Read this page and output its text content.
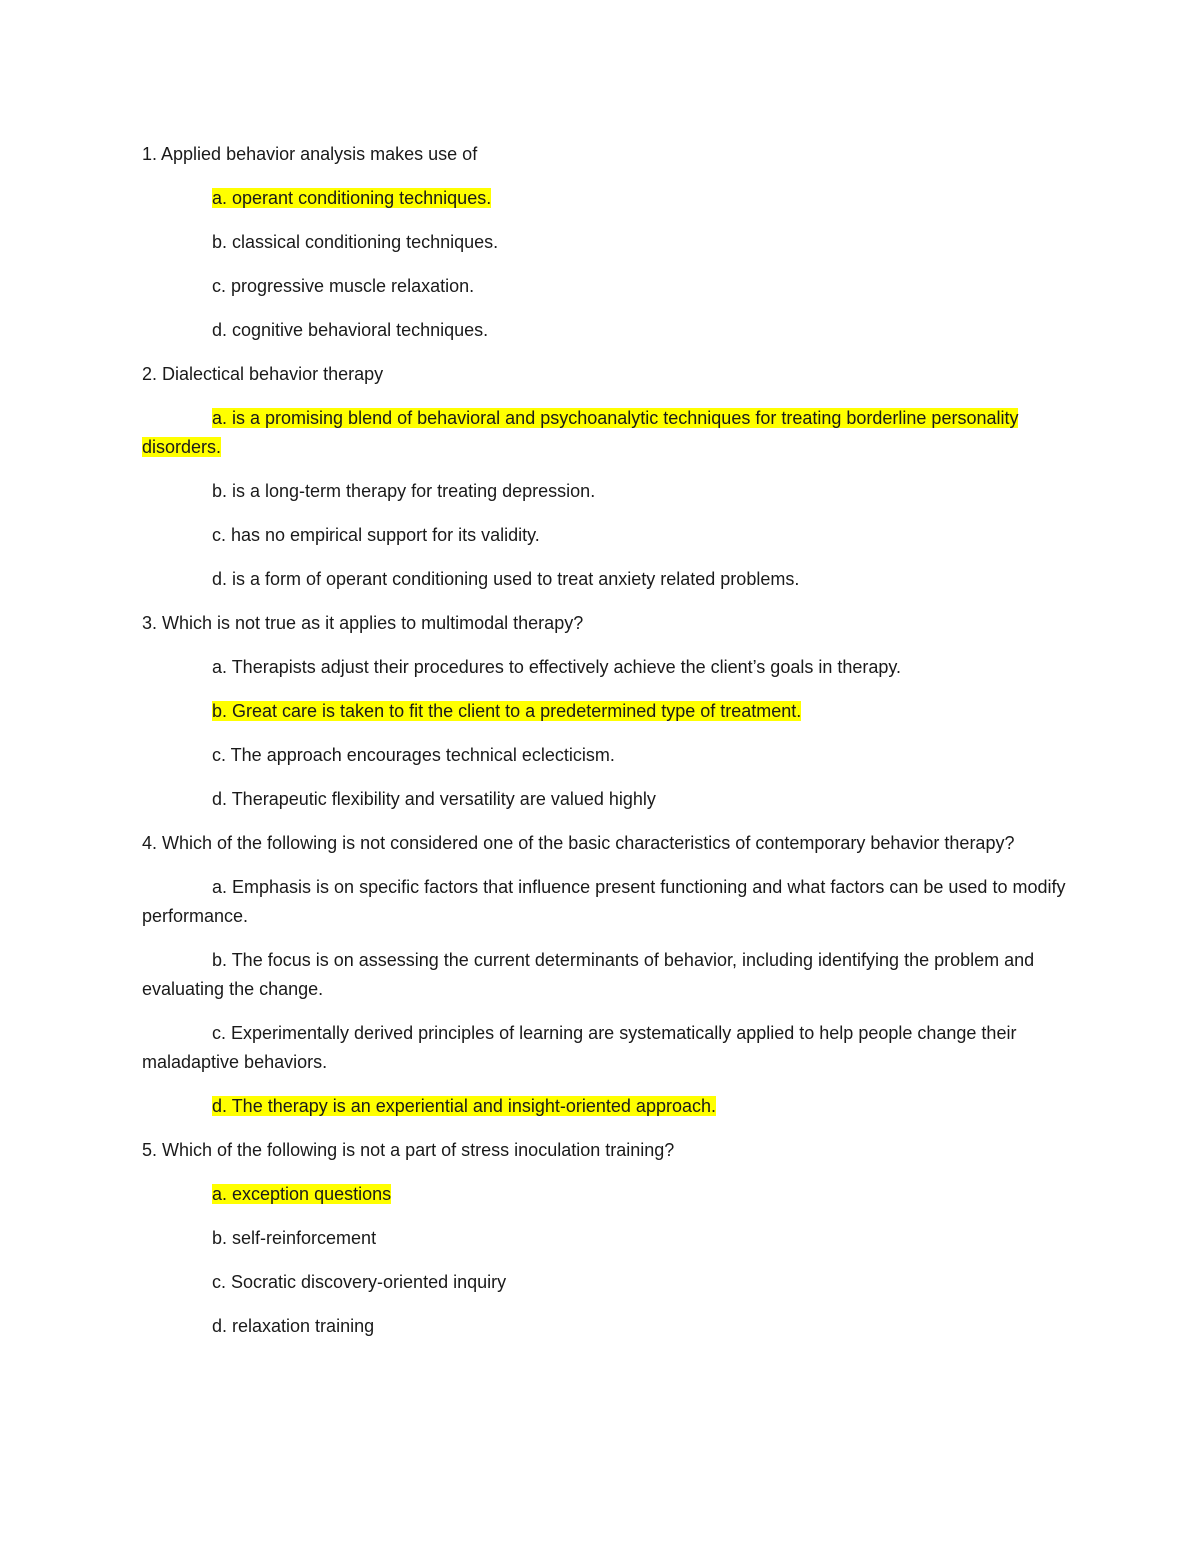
1. Applied behavior analysis makes use of

a. operant conditioning techniques.

b. classical conditioning techniques.

c. progressive muscle relaxation.

d. cognitive behavioral techniques.

2. Dialectical behavior therapy

a. is a promising blend of behavioral and psychoanalytic techniques for treating borderline personality disorders.

b. is a long-term therapy for treating depression.

c. has no empirical support for its validity.

d. is a form of operant conditioning used to treat anxiety related problems.

3. Which is not true as it applies to multimodal therapy?

a. Therapists adjust their procedures to effectively achieve the client’s goals in therapy.

b. Great care is taken to fit the client to a predetermined type of treatment.

c. The approach encourages technical eclecticism.

d. Therapeutic flexibility and versatility are valued highly

4. Which of the following is not considered one of the basic characteristics of contemporary behavior therapy?

a. Emphasis is on specific factors that influence present functioning and what factors can be used to modify performance.

b. The focus is on assessing the current determinants of behavior, including identifying the problem and evaluating the change.

c. Experimentally derived principles of learning are systematically applied to help people change their maladaptive behaviors.

d. The therapy is an experiential and insight-oriented approach.

5. Which of the following is not a part of stress inoculation training?

a. exception questions

b. self-reinforcement

c. Socratic discovery-oriented inquiry

d. relaxation training
